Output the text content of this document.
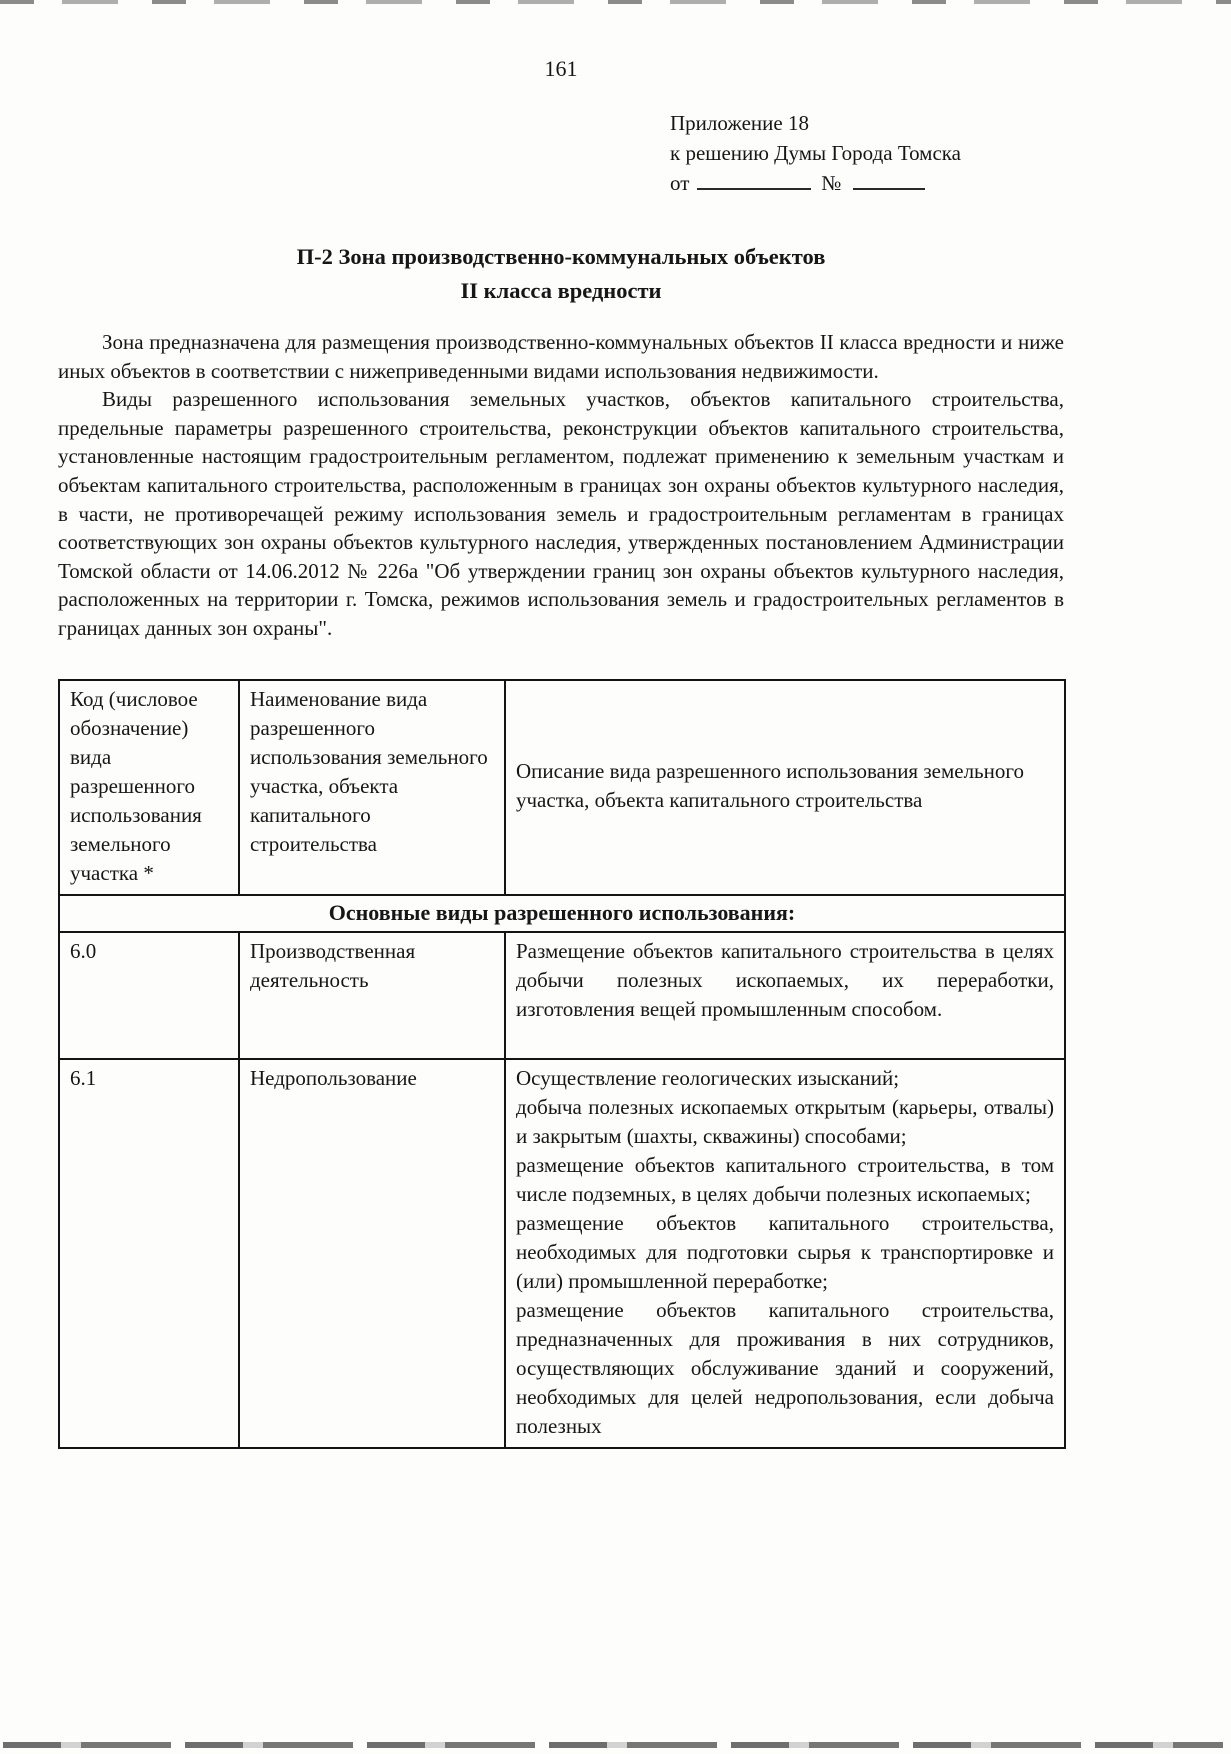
161
Приложение 18
к решению Думы Города Томска
от	№
П-2 Зона производственно-коммунальных объектов
II класса вредности

Зона предназначена для размещения производственно-коммунальных объектов II класса вредности и ниже иных объектов в соответствии с нижеприведенными видами использования недвижимости.

Виды разрешенного использования земельных участков, объектов капитального строительства, предельные параметры разрешенного строительства, реконструкции объектов капитального строительства, установленные настоящим градостроительным регламентом, подлежат применению к земельным участкам и объектам капитального строительства, расположенным в границах зон охраны объектов культурного наследия, в части, не противоречащей режиму использования земель и градостроительным регламентам в границах соответствующих зон охраны объектов культурного наследия, утвержденных постановлением Администрации Томской области от 14.06.2012 № 226а "Об утверждении границ зон охраны объектов культурного наследия, расположенных на территории г. Томска, режимов использования земель и градостроительных регламентов в границах данных зон охраны".

Код (числовое обозначение) вида разрешенного использования земельного участка *	Наименование вида разрешенного использования земельного участка, объекта капитального строительства	Описание вида разрешенного использования земельного участка, объекта капитального строительства
Основные виды разрешенного использования:		
6.0	Производственная деятельность	Размещение объектов капитального строительства в целях добычи полезных ископаемых, их переработки, изготовления вещей промышленным способом.

6.1	Недропользование	Осуществление геологических изысканий;

добыча полезных ископаемых открытым (карьеры, отвалы) и закрытым (шахты, скважины) способами;

размещение объектов капитального строительства, в том числе подземных, в целях добычи полезных ископаемых;

размещение объектов капитального строительства, необходимых для подготовки сырья к транспортировке и (или) промышленной переработке;

размещение объектов капитального строительства, предназначенных для проживания в них сотрудников, осуществляющих обслуживание зданий и сооружений, необходимых для целей недропользования, если добыча полезных
